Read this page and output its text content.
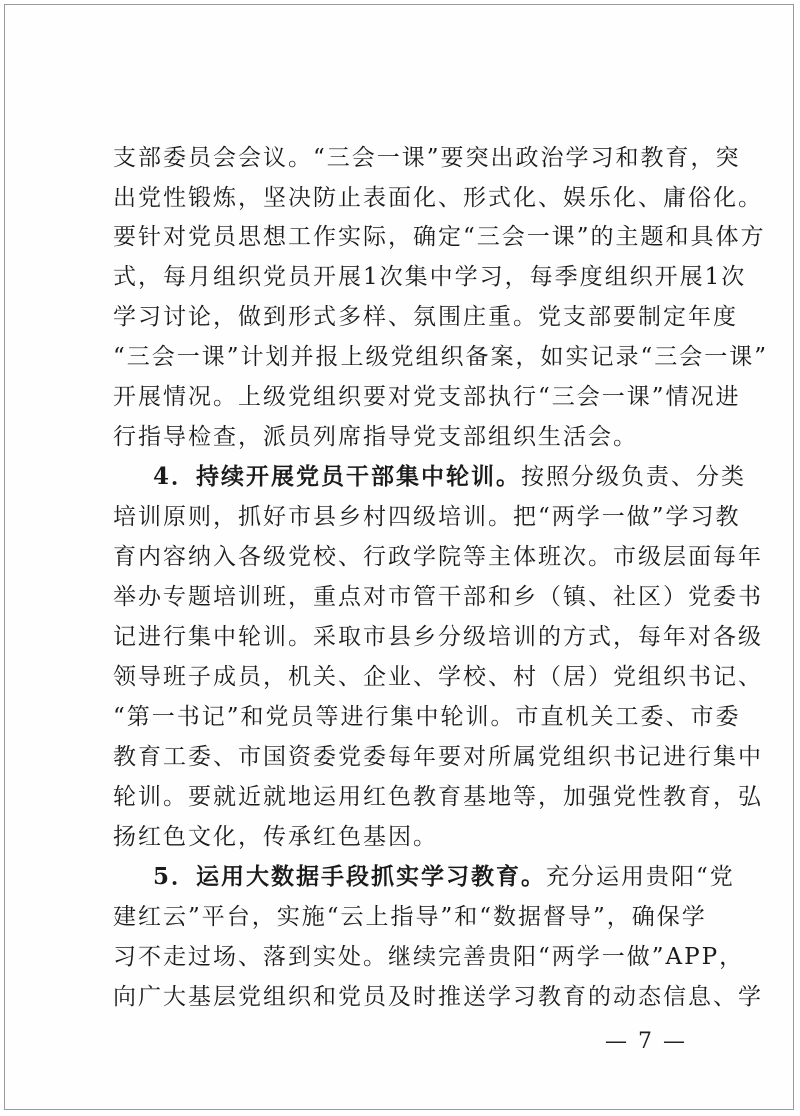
支部委员会会议。“三会一课”要突出政治学习和教育，突
出党性锻炼，坚决防止表面化、形式化、娱乐化、庸俗化。
要针对党员思想工作实际，确定“三会一课”的主题和具体方
式，每月组织党员开展1次集中学习，每季度组织开展1次
学习讨论，做到形式多样、氛围庄重。党支部要制定年度
“三会一课”计划并报上级党组织备案，如实记录“三会一课”
开展情况。上级党组织要对党支部执行“三会一课”情况进
行指导检查，派员列席指导党支部组织生活会。
4．持续开展党员干部集中轮训。按照分级负责、分类
培训原则，抓好市县乡村四级培训。把“两学一做”学习教
育内容纳入各级党校、行政学院等主体班次。市级层面每年
举办专题培训班，重点对市管干部和乡（镇、社区）党委书
记进行集中轮训。采取市县乡分级培训的方式，每年对各级
领导班子成员，机关、企业、学校、村（居）党组织书记、
“第一书记”和党员等进行集中轮训。市直机关工委、市委
教育工委、市国资委党委每年要对所属党组织书记进行集中
轮训。要就近就地运用红色教育基地等，加强党性教育，弘
扬红色文化，传承红色基因。
5．运用大数据手段抓实学习教育。充分运用贵阳“党
建红云”平台，实施“云上指导”和“数据督导”，确保学
习不走过场、落到实处。继续完善贵阳“两学一做”APP，
向广大基层党组织和党员及时推送学习教育的动态信息、学
— 7 —
